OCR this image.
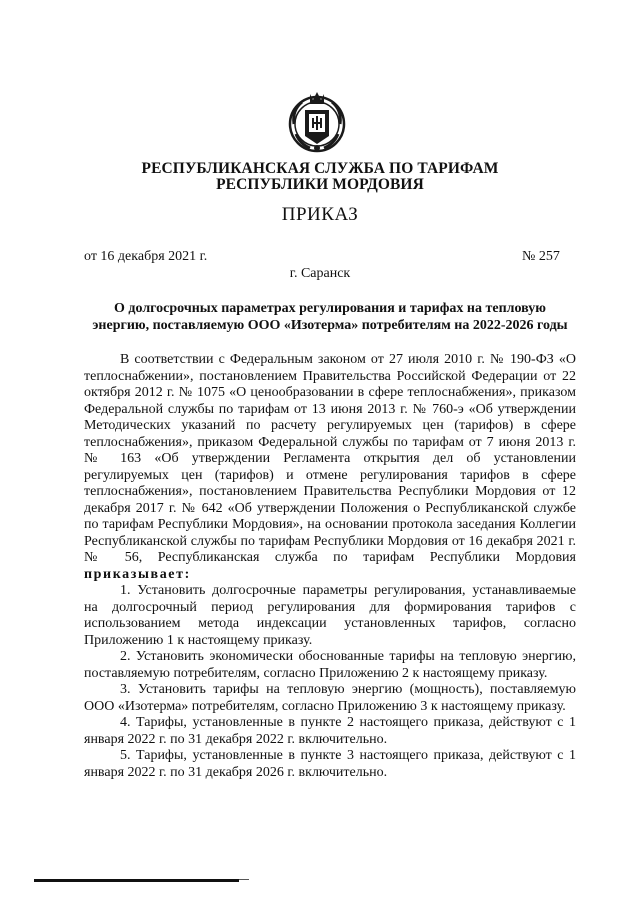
РЕСПУБЛИКАНСКАЯ СЛУЖБА ПО ТАРИФАМ
РЕСПУБЛИКИ МОРДОВИЯ
ПРИКАЗ
от 16 декабря 2021 г.	№ 257
г. Саранск
О долгосрочных параметрах регулирования и тарифах на тепловую
энергию, поставляемую ООО «Изотерма» потребителям на 2022-2026 годы

В соответствии с Федеральным законом от 27 июля 2010 г. № 190-ФЗ «О теплоснабжении», постановлением Правительства Российской Федерации от 22 октября 2012 г. № 1075 «О ценообразовании в сфере теплоснабжения», приказом Федеральной службы по тарифам от 13 июня 2013 г. № 760-э «Об утверждении Методических указаний по расчету регулируемых цен (тарифов) в сфере теплоснабжения», приказом Федеральной службы по тарифам от 7 июня 2013 г. № 163 «Об утверждении Регламента открытия дел об установлении регулируемых цен (тарифов) и отмене регулирования тарифов в сфере теплоснабжения», постановлением Правительства Республики Мордовия от 12 декабря 2017 г. № 642 «Об утверждении Положения о Республиканской службе по тарифам Республики Мордовия», на основании протокола заседания Коллегии Республиканской службы по тарифам Республики Мордовия от 16 декабря 2021 г. № 56, Республиканская служба по тарифам Республики Мордовия приказывает:

1. Установить долгосрочные параметры регулирования, устанавливаемые на долгосрочный период регулирования для формирования тарифов с использованием метода индексации установленных тарифов, согласно Приложению 1 к настоящему приказу.

2. Установить экономически обоснованные тарифы на тепловую энергию, поставляемую потребителям, согласно Приложению 2 к настоящему приказу.

3. Установить тарифы на тепловую энергию (мощность), поставляемую ООО «Изотерма» потребителям, согласно Приложению 3 к настоящему приказу.

4. Тарифы, установленные в пункте 2 настоящего приказа, действуют с 1 января 2022 г. по 31 декабря 2022 г. включительно.

5. Тарифы, установленные в пункте 3 настоящего приказа, действуют с 1 января 2022 г. по 31 декабря 2026 г. включительно.
